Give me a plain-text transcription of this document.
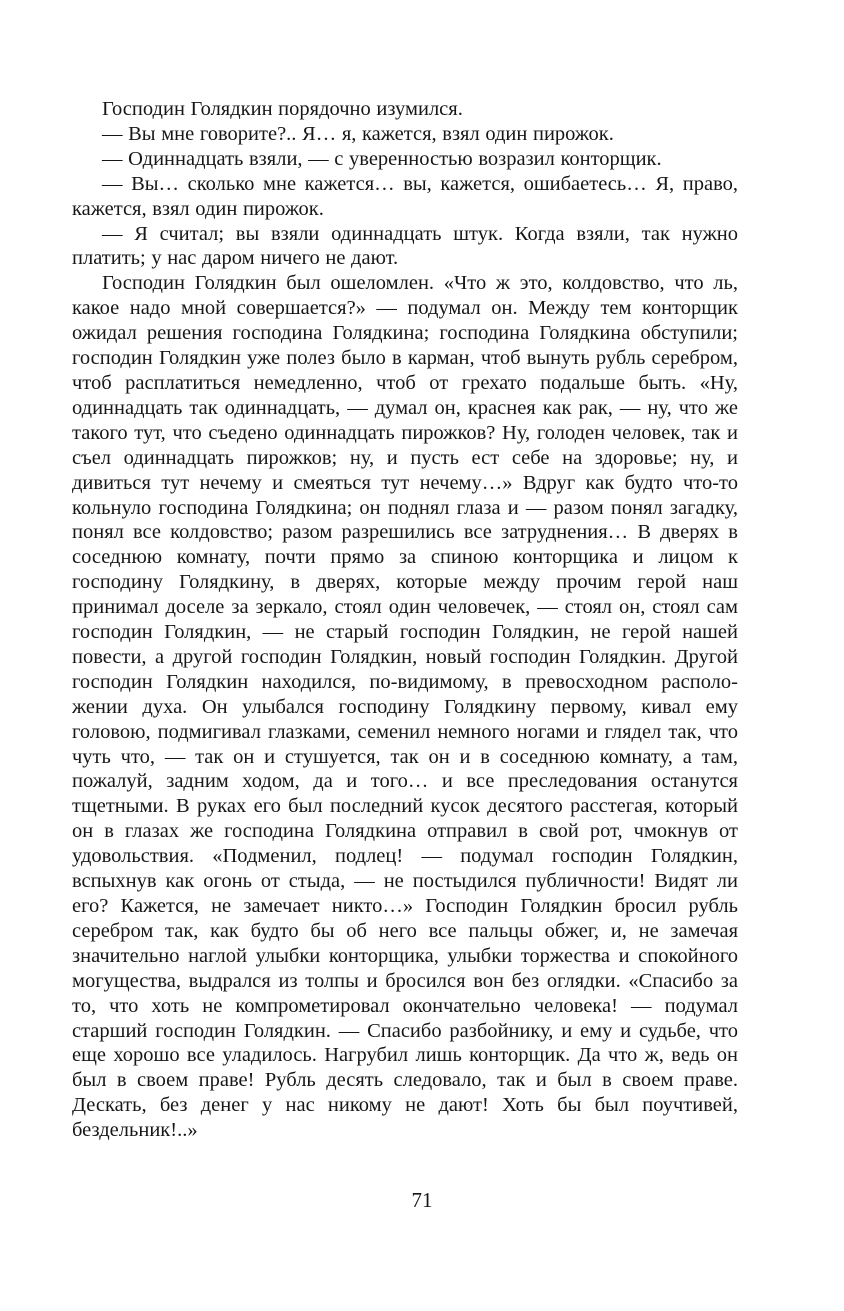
Господин Голядкин порядочно изумился.

— Вы мне говорите?.. Я… я, кажется, взял один пирожок.

— Одиннадцать взяли, — с уверенностью возразил конторщик.

— Вы… сколько мне кажется… вы, кажется, ошибаетесь… Я, право, кажется, взял один пирожок.

— Я считал; вы взяли одиннадцать штук. Когда взяли, так нужно платить; у нас даром ничего не дают.

Господин Голядкин был ошеломлен. «Что ж это, колдовство, что ль, какое надо мной совершается?» — подумал он. Между тем конторщик ожидал решения господина Голядкина; господина Голядкина обступили; господин Голядкин уже полез было в карман, чтоб вынуть рубль серебром, чтоб расплатиться немедленно, чтоб от грехато подальше быть. «Ну, одиннадцать так одиннадцать, — думал он, краснея как рак, — ну, что же такого тут, что съедено одиннадцать пирожков? Ну, голоден человек, так и съел одиннадцать пирожков; ну, и пусть ест себе на здоровье; ну, и дивиться тут нечему и смеяться тут нечему…» Вдруг как будто что-то кольнуло господина Голядкина; он поднял глаза и — разом понял загадку, понял все колдовство; разом разрешились все затруднения… В дверях в соседнюю комнату, почти прямо за спиною конторщика и лицом к господину Голядкину, в дверях, которые между прочим герой наш принимал доселе за зеркало, стоял один человечек, — стоял он, стоял сам господин Голядкин, — не старый господин Голядкин, не герой нашей повести, а другой господин Голядкин, новый господин Голядкин. Другой господин Голядкин находился, по-видимому, в превосходном расположении духа. Он улыбался господину Голядкину первому, кивал ему головою, подмигивал глазками, семенил немного ногами и глядел так, что чуть что, — так он и стушуется, так он и в соседнюю комнату, а там, пожалуй, задним ходом, да и того… и все преследования останутся тщетными. В руках его был последний кусок десятого расстегая, который он в глазах же господина Голядкина отправил в свой рот, чмокнув от удовольствия. «Подменил, подлец! — подумал господин Голядкин, вспыхнув как огонь от стыда, — не постыдился публичности! Видят ли его? Кажется, не замечает никто…» Господин Голядкин бросил рубль серебром так, как будто бы об него все пальцы обжег, и, не замечая значительно наглой улыбки конторщика, улыбки торжества и спокойного могущества, выдрался из толпы и бросился вон без оглядки. «Спасибо за то, что хоть не компрометировал окончательно человека! — подумал старший господин Голядкин. — Спасибо разбойнику, и ему и судьбе, что еще хорошо все уладилось. Нагрубил лишь конторщик. Да что ж, ведь он был в своем праве! Рубль десять следовало, так и был в своем праве. Дескать, без денег у нас никому не дают! Хоть бы был поучтивей, бездельник!..»

71
